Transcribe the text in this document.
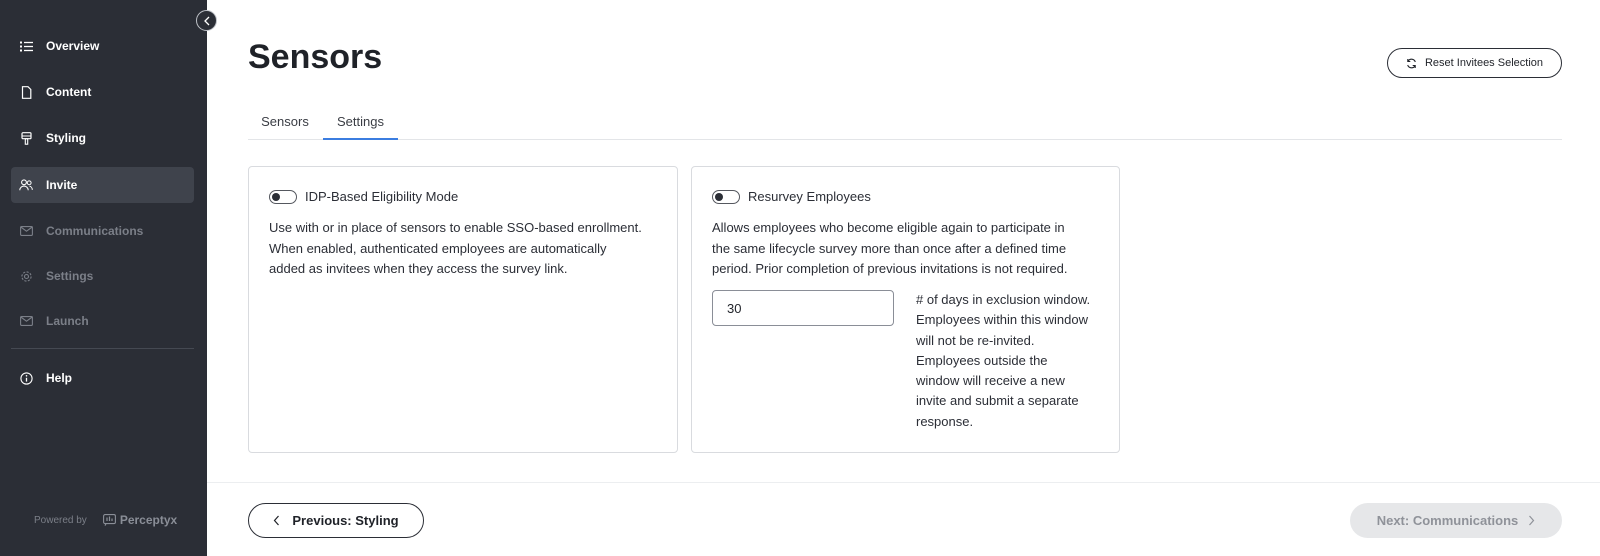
Overview
Content
Styling
Invite
Communications
Settings
Launch
Help
Powered by	Perceptyx
Sensors	Reset Invitees Selection
Sensors Settings
IDP-Based Eligibility Mode
Use with or in place of sensors to enable SSO-based enrollment.
When enabled, authenticated employees are automatically
added as invitees when they access the survey link.
Resurvey Employees
Allows employees who become eligible again to participate in
the same lifecycle survey more than once after a defined time
period. Prior completion of previous invitations is not required.
30
# of days in exclusion window.
Employees within this window
will not be re-invited.
Employees outside the
window will receive a new
invite and submit a separate
response.
Previous: Styling	Next: Communications
